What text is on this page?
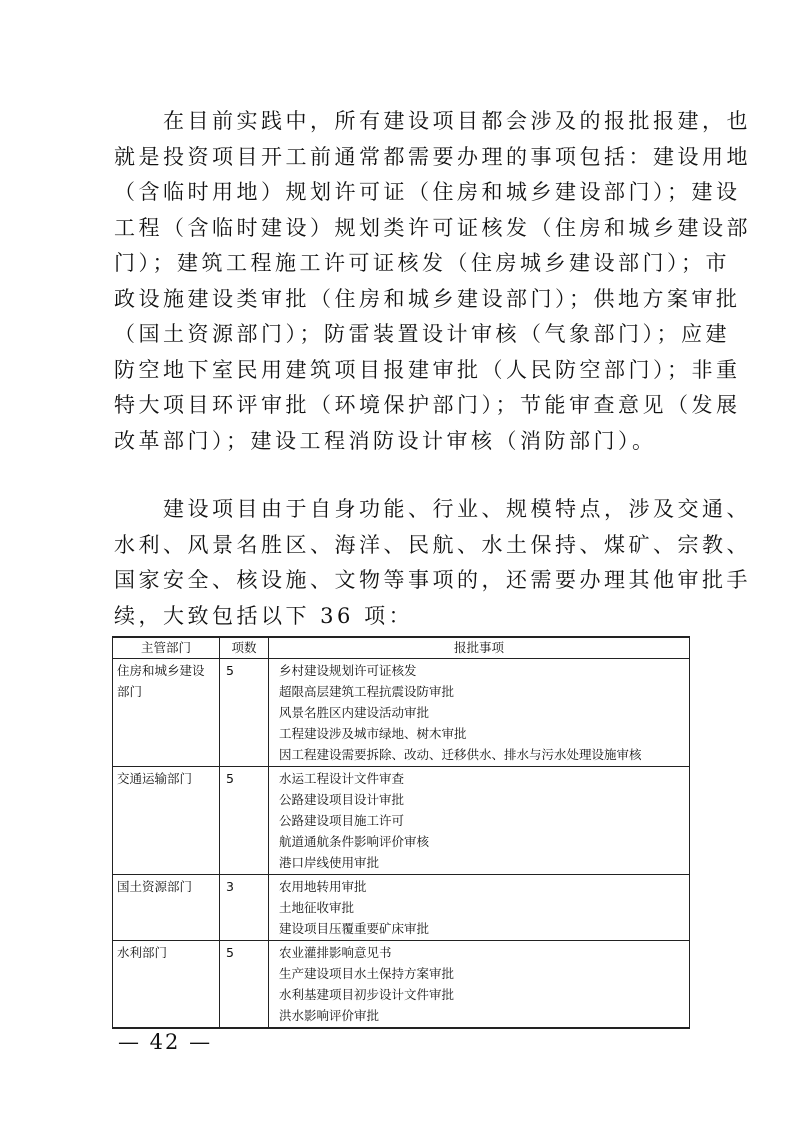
　　在目前实践中，所有建设项目都会涉及的报批报建，也
就是投资项目开工前通常都需要办理的事项包括：建设用地
（含临时用地）规划许可证（住房和城乡建设部门）；建设
工程（含临时建设）规划类许可证核发（住房和城乡建设部
门）；建筑工程施工许可证核发（住房城乡建设部门）；市
政设施建设类审批（住房和城乡建设部门）；供地方案审批
（国土资源部门）；防雷装置设计审核（气象部门）；应建
防空地下室民用建筑项目报建审批（人民防空部门）；非重
特大项目环评审批（环境保护部门）；节能审查意见（发展
改革部门）；建设工程消防设计审核（消防部门）。
　　建设项目由于自身功能、行业、规模特点，涉及交通、
水利、风景名胜区、海洋、民航、水土保持、煤矿、宗教、
国家安全、核设施、文物等事项的，还需要办理其他审批手
续，大致包括以下 36 项：
主管部门	项数	报批事项
住房和城乡建设部门	5	乡村建设规划许可证核发
超限高层建筑工程抗震设防审批
风景名胜区内建设活动审批
工程建设涉及城市绿地、树木审批
因工程建设需要拆除、改动、迁移供水、排水与污水处理设施审核

交通运输部门	5	水运工程设计文件审查
公路建设项目设计审批
公路建设项目施工许可
航道通航条件影响评价审核
港口岸线使用审批

国土资源部门	3	农用地转用审批
土地征收审批
建设项目压覆重要矿床审批

水利部门	5	农业灌排影响意见书
生产建设项目水土保持方案审批
水利基建项目初步设计文件审批
洪水影响评价审批
— 42 —
